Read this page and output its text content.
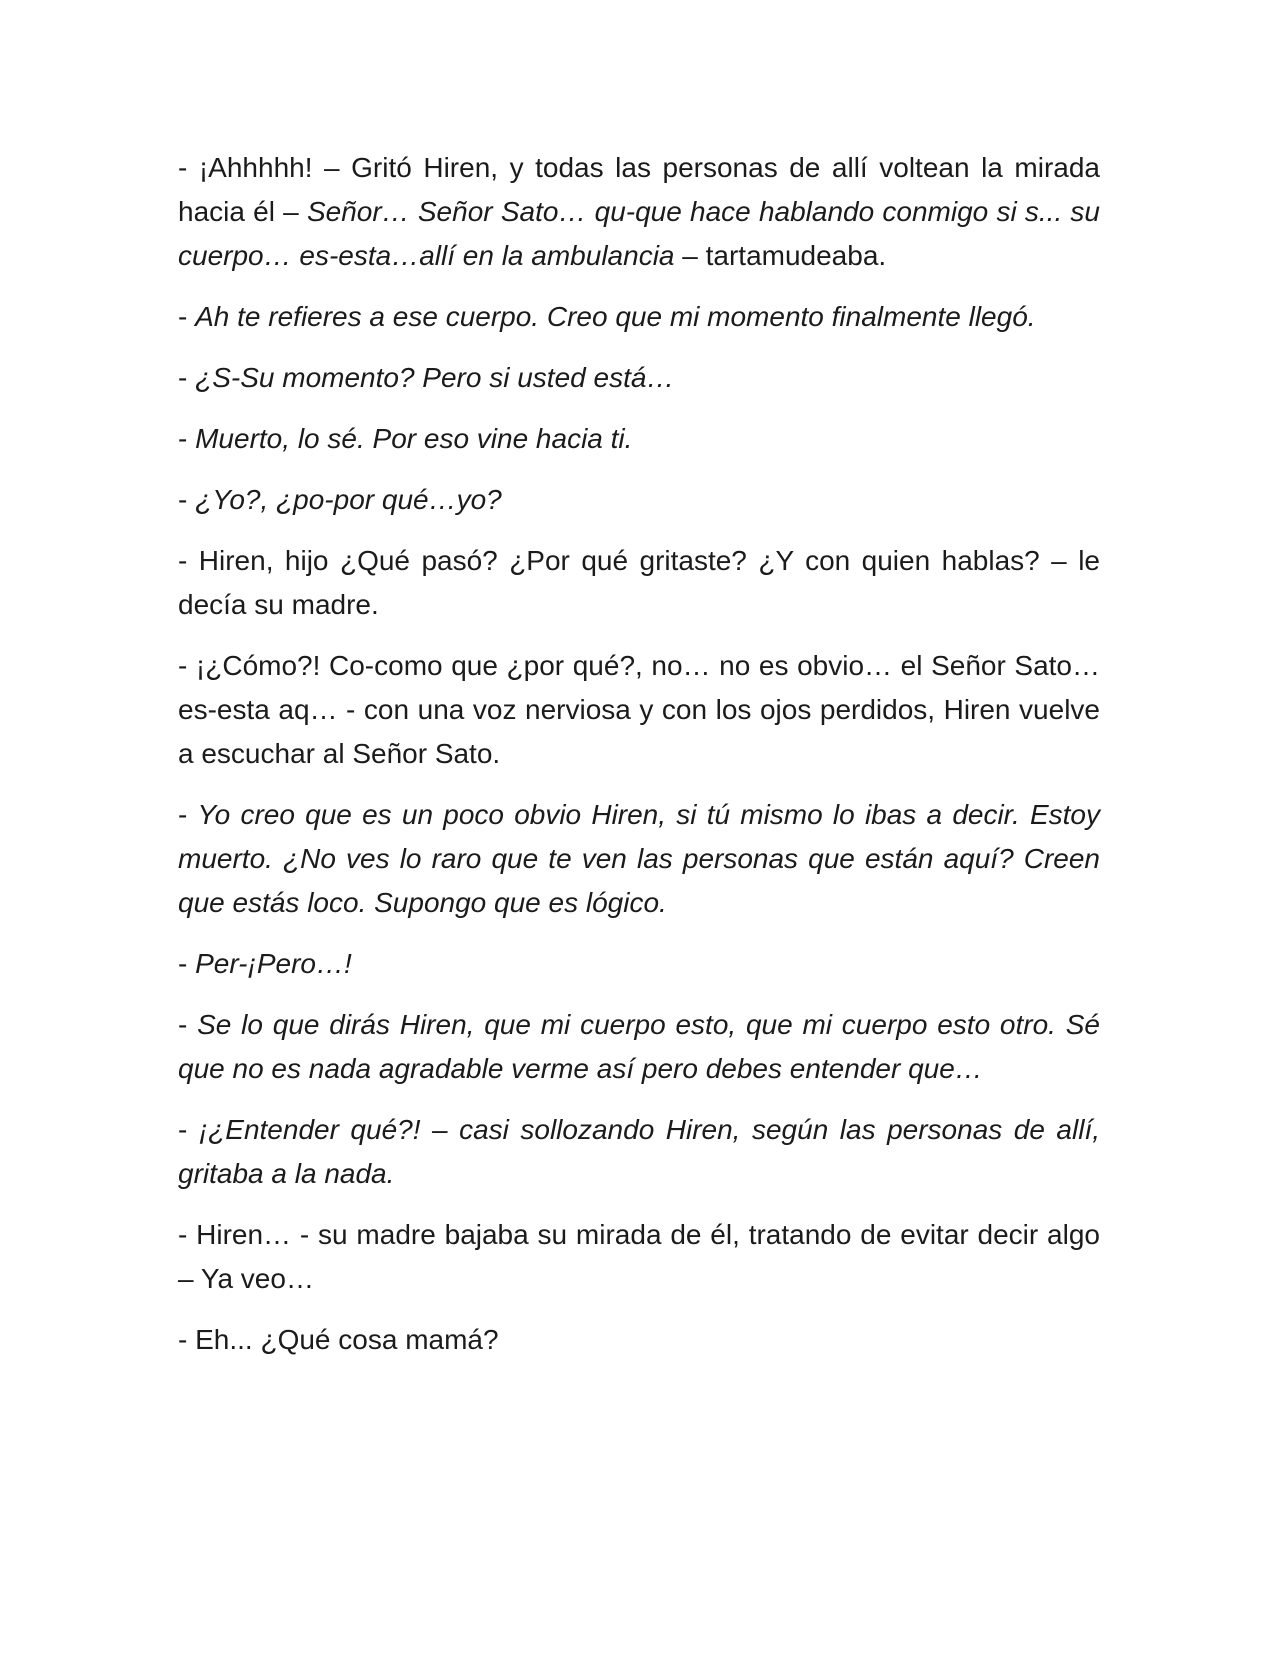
- ¡Ahhhhh! – Gritó Hiren, y todas las personas de allí voltean la mirada hacia él – Señor… Señor Sato… qu-que hace hablando conmigo si s... su cuerpo… es-esta…allí en la ambulancia – tartamudeaba.

- Ah te refieres a ese cuerpo. Creo que mi momento finalmente llegó.

- ¿S-Su momento? Pero si usted está…

- Muerto, lo sé. Por eso vine hacia ti.

- ¿Yo?, ¿po-por qué…yo?

- Hiren, hijo ¿Qué pasó? ¿Por qué gritaste? ¿Y con quien hablas? – le decía su madre.

- ¡¿Cómo?! Co-como que ¿por qué?, no… no es obvio… el Señor Sato… es-esta aq… - con una voz nerviosa y con los ojos perdidos, Hiren vuelve a escuchar al Señor Sato.

- Yo creo que es un poco obvio Hiren, si tú mismo lo ibas a decir. Estoy muerto. ¿No ves lo raro que te ven las personas que están aquí? Creen que estás loco. Supongo que es lógico.

- Per-¡Pero…!

- Se lo que dirás Hiren, que mi cuerpo esto, que mi cuerpo esto otro. Sé que no es nada agradable verme así pero debes entender que…

- ¡¿Entender qué?! – casi sollozando Hiren, según las personas de allí, gritaba a la nada.

- Hiren… - su madre bajaba su mirada de él, tratando de evitar decir algo – Ya veo…

- Eh... ¿Qué cosa mamá?
